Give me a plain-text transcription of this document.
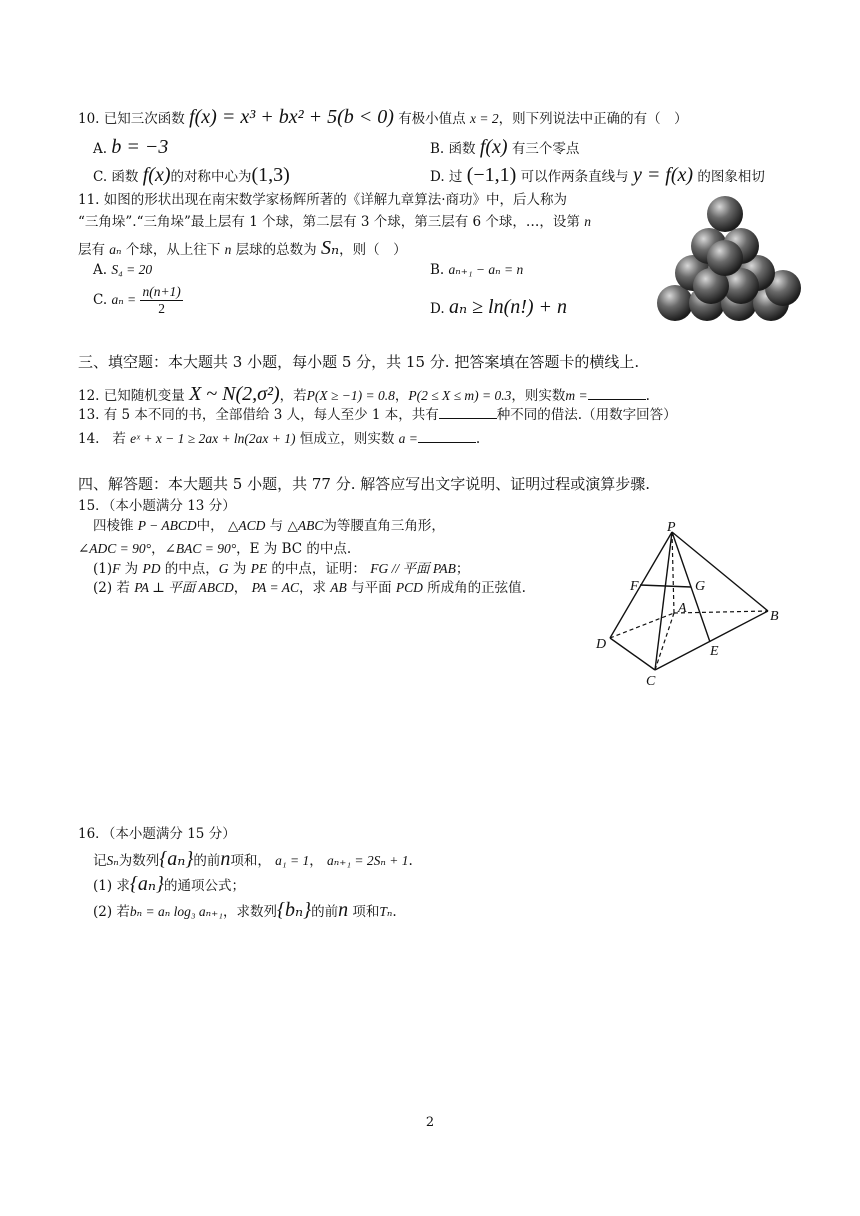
10. 已知三次函数 f(x) = x³ + bx² + 5(b < 0) 有极小值点 x = 2，则下列说法中正确的有（　）
A. b = −3	B. 函数 f(x) 有三个零点
C. 函数 f(x)的对称中心为(1,3)	D. 过 (−1,1) 可以作两条直线与 y = f(x) 的图象相切
11. 如图的形状出现在南宋数学家杨辉所著的《详解九章算法·商功》中，后人称为
“三角垛”.“三角垛”最上层有 1 个球，第二层有 3 个球，第三层有 6 个球，…，设第 n
层有 aₙ 个球，从上往下 n 层球的总数为 Sₙ，则（　）
A. S₄ = 20	B. aₙ₊₁ − aₙ = n
C. $a_n = \frac{n(n+1)}{2}$	D. aₙ ≥ ln(n!) + n
三、填空题：本大题共 3 小题，每小题 5 分，共 15 分. 把答案填在答题卡的横线上.
12. 已知随机变量 X ~ N(2,σ²)，若P(X ≥ −1) = 0.8，P(2 ≤ X ≤ m) = 0.3，则实数m =	.
13. 有 5 本不同的书，全部借给 3 人，每人至少 1 本，共有	种不同的借法.（用数字回答）
14. 若 eˣ + x − 1 ≥ 2ax + ln(2ax + 1) 恒成立，则实数 a =	.
四、解答题：本大题共 5 小题，共 77 分. 解答应写出文字说明、证明过程或演算步骤.
15．（本小题满分 13 分）
四棱锥 P − ABCD中， △ACD 与 △ABC为等腰直角三角形，
∠ADC = 90°，∠BAC = 90°，E 为 BC 的中点.
(1)F 为 PD 的中点，G 为 PE 的中点，证明： FG // 平面 PAB；
(2) 若 PA ⊥ 平面 ABCD， PA = AC，求 AB 与平面 PCD 所成角的正弦值.
P
F	G
A
B
D	E
C
16．（本小题满分 15 分）
记Sₙ为数列{aₙ}的前n项和， a₁ = 1， aₙ₊₁ = 2Sₙ + 1.
(1) 求{aₙ}的通项公式；
(2) 若bₙ = aₙ log₃ aₙ₊₁，求数列{bₙ}的前n 项和Tₙ.
2
